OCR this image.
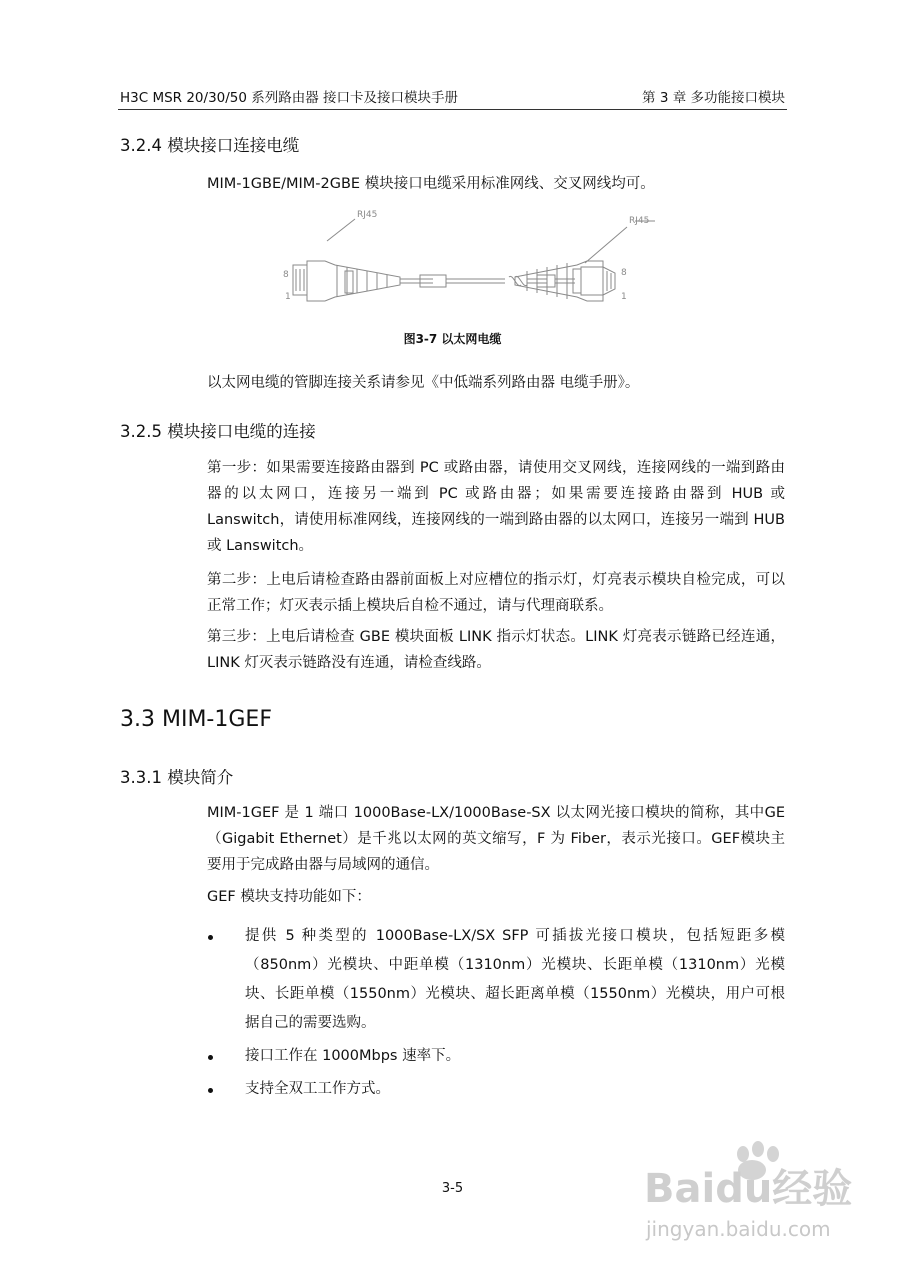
H3C MSR 20/30/50 系列路由器 接口卡及接口模块手册	第 3 章 多功能接口模块
3.2.4 模块接口连接电缆

MIM-1GBE/MIM-2GBE 模块接口电缆采用标准网线、交叉网线均可。

RJ45
RJ45
8
1
8
1
图3-7 以太网电缆

以太网电缆的管脚连接关系请参见《中低端系列路由器 电缆手册》。

3.2.5 模块接口电缆的连接

第一步：如果需要连接路由器到 PC 或路由器，请使用交叉网线，连接网线的一端到路由器的以太网口，连接另一端到 PC 或路由器；如果需要连接路由器到 HUB 或 Lanswitch，请使用标准网线，连接网线的一端到路由器的以太网口，连接另一端到 HUB 或 Lanswitch。

第二步：上电后请检查路由器前面板上对应槽位的指示灯，灯亮表示模块自检完成，可以正常工作；灯灭表示插上模块后自检不通过，请与代理商联系。

第三步：上电后请检查 GBE 模块面板 LINK 指示灯状态。LINK 灯亮表示链路已经连通，LINK 灯灭表示链路没有连通，请检查线路。

3.3 MIM-1GEF
3.3.1 模块简介

MIM-1GEF 是 1 端口 1000Base-LX/1000Base-SX 以太网光接口模块的简称，其中GE（Gigabit Ethernet）是千兆以太网的英文缩写，F 为 Fiber，表示光接口。GEF模块主要用于完成路由器与局域网的通信。

GEF 模块支持功能如下：

提供 5 种类型的 1000Base-LX/SX SFP 可插拔光接口模块，包括短距多模（850nm）光模块、中距单模（1310nm）光模块、长距单模（1310nm）光模块、长距单模（1550nm）光模块、超长距离单模（1550nm）光模块，用户可根据自己的需要选购。
接口工作在 1000Mbps 速率下。
支持全双工工作方式。
3-5	Baidu经验
jingyan.baidu.com
